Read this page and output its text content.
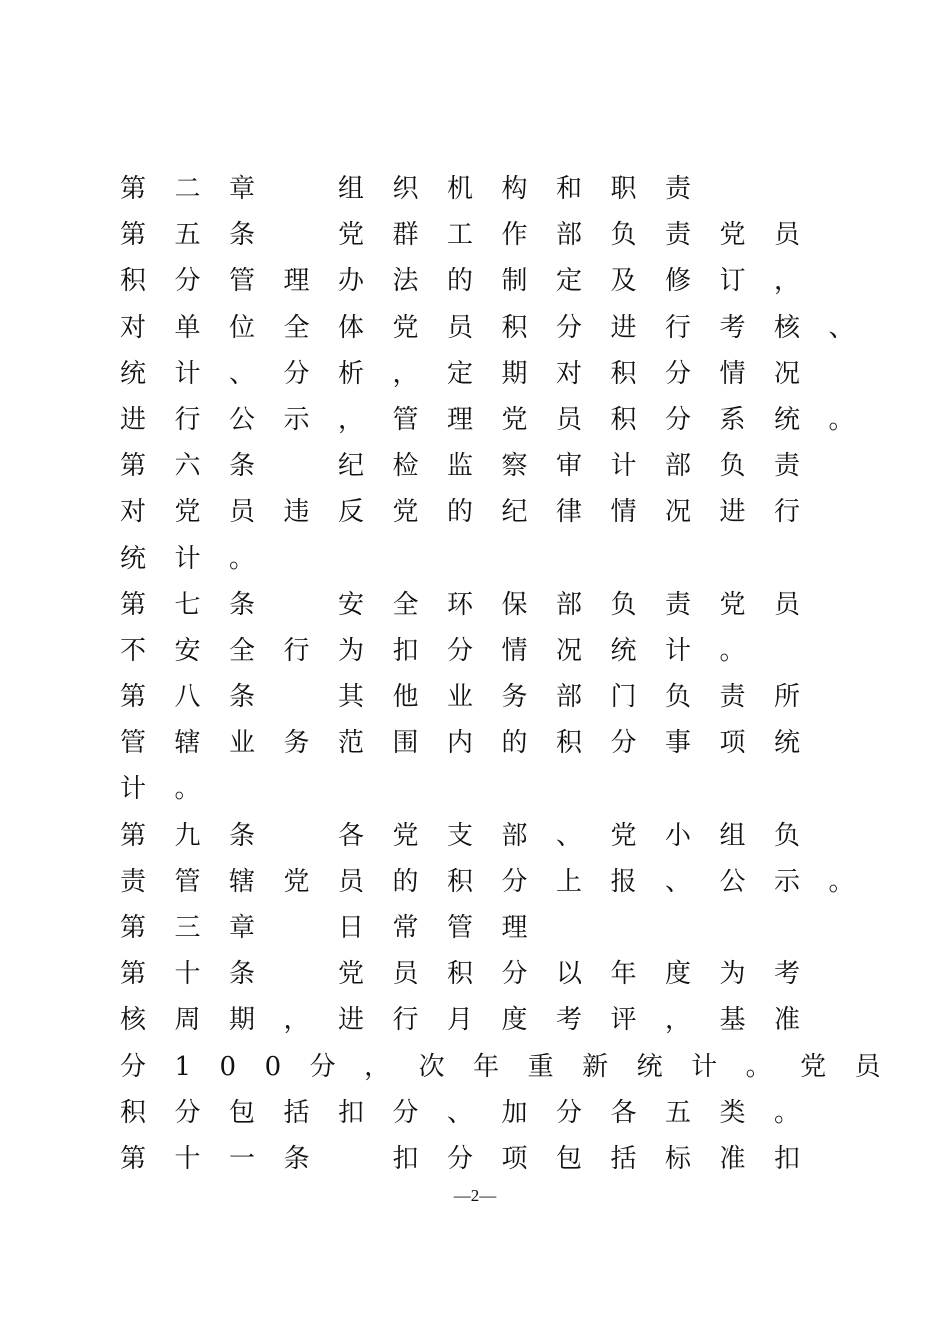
第二章　组织机构和职责
第五条　党群工作部负责党员
积分管理办法的制定及修订，
对单位全体党员积分进行考核、
统计、分析，定期对积分情况
进行公示，管理党员积分系统。
第六条　纪检监察审计部负责
对党员违反党的纪律情况进行
统计。
第七条　安全环保部负责党员
不安全行为扣分情况统计。
第八条　其他业务部门负责所
管辖业务范围内的积分事项统
计。
第九条　各党支部、党小组负
责管辖党员的积分上报、公示。
第三章　日常管理
第十条　党员积分以年度为考
核周期，进行月度考评，基准
分100分，次年重新统计。党员
积分包括扣分、加分各五类。
第十一条　扣分项包括标准扣
—2—
